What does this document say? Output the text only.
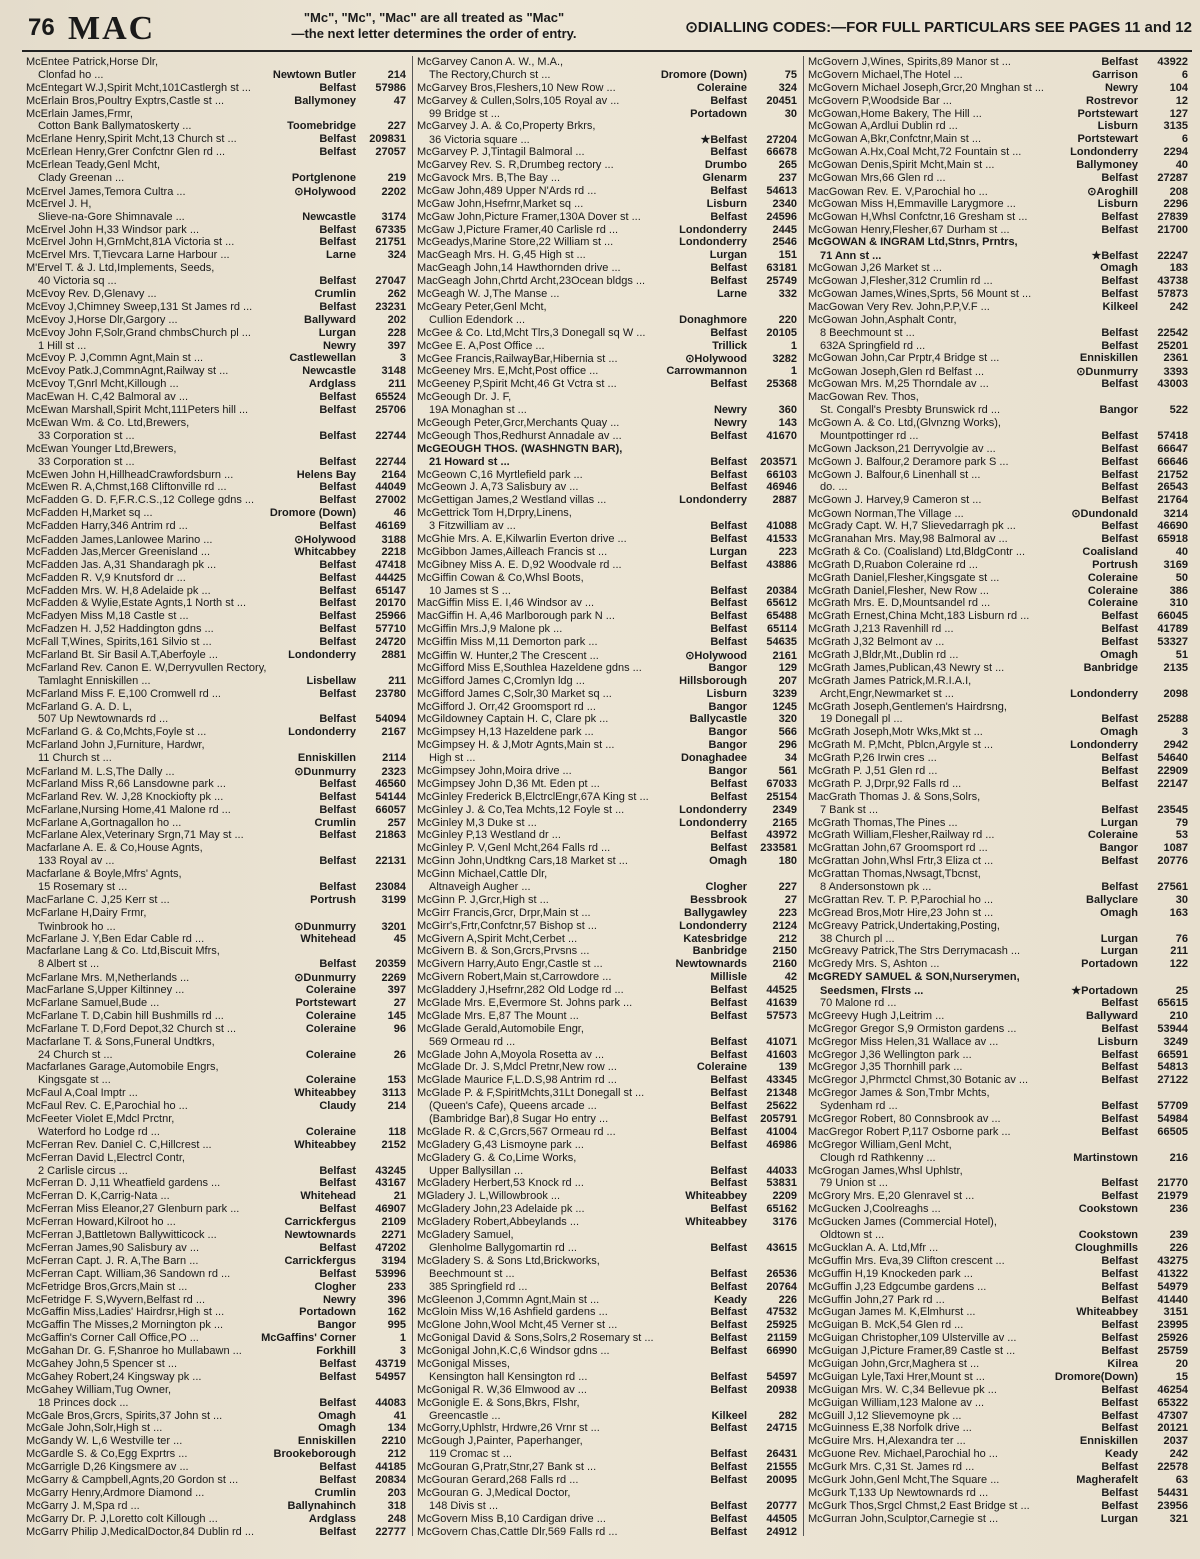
76 MAC	"Mc", "Mc", "Mac" are all treated as "Mac"
—the next letter determines the order of entry.	⊙DIALLING CODES:—FOR FULL PARTICULARS SEE PAGES 11 and 12
McEntee Patrick,Horse Dlr,
Clonfad ho ...	Newtown Butler	214
McEntegart W.J,Spirit Mcht,101Castlergh st ...	Belfast	57986
McErlain Bros,Poultry Exptrs,Castle st ...	Ballymoney	47
McErlain James,Frmr,
Cotton Bank Ballymatoskerty ...	Toomebridge	227
McErlane Henry,Spirit Mcht,13 Church st ...	Belfast	209831
McErlean Henry,Grer Confctnr Glen rd ...	Belfast	27057
McErlean Teady,Genl Mcht,
Clady Greenan ...	Portglenone	219
McErvel James,Temora Cultra ...	⊙Holywood	2202
McErvel J. H,
Slieve-na-Gore Shimnavale ...	Newcastle	3174
McErvel John H,33 Windsor park ...	Belfast	67335
McErvel John H,GrnMcht,81A Victoria st ...	Belfast	21751
McErvel Mrs. T,Tievcara Larne Harbour ...	Larne	324
M'Ervel T. & J. Ltd,Implements, Seeds,
40 Victoria sq ...	Belfast	27047
McEvoy Rev. D,Glenavy ...	Crumlin	262
McEvoy J,Chimney Sweep,131 St James rd ...	Belfast	23231
McEvoy J,Horse Dlr,Gargory ...	Ballyward	202
McEvoy John F,Solr,Grand chmbsChurch pl ...	Lurgan	228
1 Hill st ...	Newry	397
McEvoy P. J,Commn Agnt,Main st ...	Castlewellan	3
McEvoy Patk.J,CommnAgnt,Railway st ...	Newcastle	3148
McEvoy T,Gnrl Mcht,Killough ...	Ardglass	211
MacEwan H. C,42 Balmoral av ...	Belfast	65524
McEwan Marshall,Spirit Mcht,111Peters hill ...	Belfast	25706
McEwan Wm. & Co. Ltd,Brewers,
33 Corporation st ...	Belfast	22744
McEwan Younger Ltd,Brewers,
33 Corporation st ...	Belfast	22744
McEwen John H,HillheadCrawfordsburn ...	Helens Bay	2164
McEwen R. A,Chmst,168 Cliftonville rd ...	Belfast	44049
McFadden G. D. F,F.R.C.S.,12 College gdns ...	Belfast	27002
McFadden H,Market sq ...	Dromore (Down)	46
McFadden Harry,346 Antrim rd ...	Belfast	46169
McFadden James,Lanlowee Marino ...	⊙Holywood	3188
McFadden Jas,Mercer Greenisland ...	Whitcabbey	2218
McFadden Jas. A,31 Shandaragh pk ...	Belfast	47418
McFadden R. V,9 Knutsford dr ...	Belfast	44425
McFadden Mrs. W. H,8 Adelaide pk ...	Belfast	65147
McFadden & Wylie,Estate Agnts,1 North st ...	Belfast	20170
McFadyen Miss M,18 Castle st ...	Belfast	25966
McFadzen H. J,52 Haddington gdns ...	Belfast	57710
McFall T,Wines, Spirits,161 Silvio st ...	Belfast	24720
McFarland Bt. Sir Basil A.T,Aberfoyle ...	Londonderry	2881
McFarland Rev. Canon E. W,Derryvullen Rectory,
Tamlaght Enniskillen ...	Lisbellaw	211
McFarland Miss F. E,100 Cromwell rd ...	Belfast	23780
McFarland G. A. D. L,
507 Up Newtownards rd ...	Belfast	54094
McFarland G. & Co,Mchts,Foyle st ...	Londonderry	2167
McFarland John J,Furniture, Hardwr,
11 Church st ...	Enniskillen	2114
McFarland M. L.S,The Dally ...	⊙Dunmurry	2323
McFarland Miss R,66 Lansdowne park ...	Belfast	46560
McFarland Rev. W. J,28 Knockiofty pk ...	Belfast	54144
McFarlane,Nursing Home,41 Malone rd ...	Belfast	66057
McFarlane A,Gortnagallon ho ...	Crumlin	257
McFarlane Alex,Veterinary Srgn,71 May st ...	Belfast	21863
Macfarlane A. E. & Co,House Agnts,
133 Royal av ...	Belfast	22131
Macfarlane & Boyle,Mfrs' Agnts,
15 Rosemary st ...	Belfast	23084
MacFarlane C. J,25 Kerr st ...	Portrush	3199
McFarlane H,Dairy Frmr,
Twinbrook ho ...	⊙Dunmurry	3201
McFarlane J. Y,Ben Edar Cable rd ...	Whitehead	45
Macfarlane Lang & Co. Ltd,Biscuit Mfrs,
8 Albert st ...	Belfast	20359
McFarlane Mrs. M,Netherlands ...	⊙Dunmurry	2269
MacFarlane S,Upper Kiltinney ...	Coleraine	397
McFarlane Samuel,Bude ...	Portstewart	27
McFarlane T. D,Cabin hill Bushmills rd ...	Coleraine	145
McFarlane T. D,Ford Depot,32 Church st ...	Coleraine	96
Macfarlane T. & Sons,Funeral Undtkrs,
24 Church st ...	Coleraine	26
Macfarlanes Garage,Automobile Engrs,
Kingsgate st ...	Coleraine	153
McFaul A,Coal Imptr ...	Whiteabbey	3113
McFaul Rev. C. E,Parochial ho ...	Claudy	214
McFeeter Violet E,Mdcl Prctnr,
Waterford ho Lodge rd ...	Coleraine	118
McFerran Rev. Daniel C. C,Hillcrest ...	Whiteabbey	2152
McFerran David L,Electrcl Contr,
2 Carlisle circus ...	Belfast	43245
McFerran D. J,11 Wheatfield gardens ...	Belfast	43167
McFerran D. K,Carrig-Nata ...	Whitehead	21
McFerran Miss Eleanor,27 Glenburn park ...	Belfast	46907
McFerran Howard,Kilroot ho ...	Carrickfergus	2109
McFerran J,Battletown Ballywitticock ...	Newtownards	2271
McFerran James,90 Salisbury av ...	Belfast	47202
McFerran Capt. J. R. A,The Barn ...	Carrickfergus	3194
McFerran Capt. William,36 Sandown rd ...	Belfast	53996
McFetridge Bros,Grcrs,Main st ...	Clogher	233
McFetridge F. S,Wyvern,Belfast rd ...	Newry	396
McGaffin Miss,Ladies' Hairdrsr,High st ...	Portadown	162
McGaffin The Misses,2 Mornington pk ...	Bangor	995
McGaffin's Corner Call Office,PO ...	McGaffins' Corner	1
McGahan Dr. G. F,Shanroe ho Mullabawn ...	Forkhill	3
McGahey John,5 Spencer st ...	Belfast	43719
McGahey Robert,24 Kingsway pk ...	Belfast	54957
McGahey William,Tug Owner,
18 Princes dock ...	Belfast	44083
McGale Bros,Grcrs, Spirits,37 John st ...	Omagh	41
McGale John,Solr,High st ...	Omagh	134
McGandy W. L,6 Westville ter ...	Enniskillen	2210
McGardle S. & Co,Egg Exprtrs ...	Brookeborough	212
McGarrigle D,26 Kingsmere av ...	Belfast	44185
McGarry & Campbell,Agnts,20 Gordon st ...	Belfast	20834
McGarry Henry,Ardmore Diamond ...	Crumlin	203
McGarry J. M,Spa rd ...	Ballynahinch	318
McGarry Dr. P. J,Loretto colt Killough ...	Ardglass	248
McGarry Philip J,MedicalDoctor,84 Dublin rd ...	Belfast	22777
McGarvey Canon A. W., M.A.,
The Rectory,Church st ...	Dromore (Down)	75
McGarvey Bros,Fleshers,10 New Row ...	Coleraine	324
McGarvey & Cullen,Solrs,105 Royal av ...	Belfast	20451
99 Bridge st ...	Portadown	30
McGarvey J. A. & Co,Property Brkrs,
36 Victoria square ...	★Belfast	27204
McGarvey P. J,Tintagil Balmoral ...	Belfast	66678
McGarvey Rev. S. R,Drumbeg rectory ...	Drumbo	265
McGavock Mrs. B,The Bay ...	Glenarm	237
McGaw John,489 Upper N'Ards rd ...	Belfast	54613
McGaw John,Hsefrnr,Market sq ...	Lisburn	2340
McGaw John,Picture Framer,130A Dover st ...	Belfast	24596
McGaw J,Picture Framer,40 Carlisle rd ...	Londonderry	2445
McGeadys,Marine Store,22 William st ...	Londonderry	2546
MacGeagh Mrs. H. G,45 High st ...	Lurgan	151
MacGeagh John,14 Hawthornden drive ...	Belfast	63181
MacGeagh John,Chrtd Archt,23Ocean bldgs ...	Belfast	25749
McGeagh W. J,The Manse ...	Larne	332
McGeary Peter,Genl Mcht,
Cullion Edendork ...	Donaghmore	220
McGee & Co. Ltd,Mcht Tlrs,3 Donegall sq W ...	Belfast	20105
McGee E. A,Post Office ...	Trillick	1
McGee Francis,RailwayBar,Hibernia st ...	⊙Holywood	3282
McGeeney Mrs. E,Mcht,Post office ...	Carrowmannon	1
McGeeney P,Spirit Mcht,46 Gt Vctra st ...	Belfast	25368
McGeough Dr. J. F,
19A Monaghan st ...	Newry	360
McGeough Peter,Grcr,Merchants Quay ...	Newry	143
McGeough Thos,Redhurst Annadale av ...	Belfast	41670
McGEOUGH THOS. (WASHNGTN BAR),
21 Howard st ...	Belfast	203571
McGeown C,16 Myrtlefield park ...	Belfast	66103
McGeown J. A,73 Salisbury av ...	Belfast	46946
McGettigan James,2 Westland villas ...	Londonderry	2887
McGettrick Tom H,Drpry,Linens,
3 Fitzwilliam av ...	Belfast	41088
McGhie Mrs. A. E,Kilwarlin Everton drive ...	Belfast	41533
McGibbon James,Ailleach Francis st ...	Lurgan	223
McGibney Miss A. E. D,92 Woodvale rd ...	Belfast	43886
McGiffin Cowan & Co,Whsl Boots,
10 James st S ...	Belfast	20384
MacGiffin Miss E. I,46 Windsor av ...	Belfast	65612
MacGiffin H. A,46 Marlborough park N ...	Belfast	65488
McGiffin Mrs.J,9 Malone pk ...	Belfast	65114
McGiffin Miss M,11 Demorton park ...	Belfast	54635
McGiffin W. Hunter,2 The Crescent ...	⊙Holywood	2161
McGifford Miss E,Southlea Hazeldene gdns ...	Bangor	129
McGifford James C,Cromlyn ldg ...	Hillsborough	207
McGifford James C,Solr,30 Market sq ...	Lisburn	3239
McGifford J. Orr,42 Groomsport rd ...	Bangor	1245
McGildowney Captain H. C, Clare pk ...	Ballycastle	320
McGimpsey H,13 Hazeldene park ...	Bangor	566
McGimpsey H. & J,Motr Agnts,Main st ...	Bangor	296
High st ...	Donaghadee	34
McGimpsey John,Moira drive ...	Bangor	561
McGimpsey John D,36 Mt. Eden pt ...	Belfast	67033
McGinley Frederick B,ElctrclEngr,67A King st ...	Belfast	25154
McGinley J. & Co,Tea Mchts,12 Foyle st ...	Londonderry	2349
McGinley M,3 Duke st ...	Londonderry	2165
McGinley P,13 Westland dr ...	Belfast	43972
McGinley P. V,Genl Mcht,264 Falls rd ...	Belfast	233581
McGinn John,Undtkng Cars,18 Market st ...	Omagh	180
McGinn Michael,Cattle Dlr,
Altnaveigh Augher ...	Clogher	227
McGinn P. J,Grcr,High st ...	Bessbrook	27
McGirr Francis,Grcr, Drpr,Main st ...	Ballygawley	223
McGirr's,Frtr,Confctnr,57 Bishop st ...	Londonderry	2124
McGivern A,Spirit Mcht,Cerbet ...	Katesbridge	212
McGivern B. & Son,Grcrs,Prvsns ...	Banbridge	2150
McGivern Harry,Auto Engr,Castle st ...	Newtownards	2160
McGivern Robert,Main st,Carrowdore ...	Millisle	42
McGladdery J,Hsefrnr,282 Old Lodge rd ...	Belfast	44525
McGlade Mrs. E,Evermore St. Johns park ...	Belfast	41639
McGlade Mrs. E,87 The Mount ...	Belfast	57573
McGlade Gerald,Automobile Engr,
569 Ormeau rd ...	Belfast	41071
McGlade John A,Moyola Rosetta av ...	Belfast	41603
McGlade Dr. J. S,Mdcl Pretnr,New row ...	Coleraine	139
McGlade Maurice F,L.D.S,98 Antrim rd ...	Belfast	43345
McGlade P. & F,SpiritMchts,31Lt Donegall st ...	Belfast	21348
(Queen's Cafe), Queens arcade ...	Belfast	25622
(Bambridge Bar),8 Sugar Ho entry ...	Belfast	205791
McGlade R. & C,Grcrs,567 Ormeau rd ...	Belfast	41004
McGladery G,43 Lismoyne park ...	Belfast	46986
McGladery G. & Co,Lime Works,
Upper Ballysillan ...	Belfast	44033
McGladery Herbert,53 Knock rd ...	Belfast	53831
MGladery J. L,Willowbrook ...	Whiteabbey	2209
McGladery John,23 Adelaide pk ...	Belfast	65162
McGladery Robert,Abbeylands ...	Whiteabbey	3176
McGladery Samuel,
Glenholme Ballygomartin rd ...	Belfast	43615
McGladery S. & Sons Ltd,Brickworks,
Beechmount st ...	Belfast	26536
385 Springfield rd ...	Belfast	20764
McGleenon J,Commn Agnt,Main st ...	Keady	226
McGloin Miss W,16 Ashfield gardens ...	Belfast	47532
McGlone John,Wool Mcht,45 Verner st ...	Belfast	25925
McGonigal David & Sons,Solrs,2 Rosemary st ...	Belfast	21159
McGonigal John,K.C,6 Windsor gdns ...	Belfast	66990
McGonigal Misses,
Kensington hall Kensington rd ...	Belfast	54597
McGonigal R. W,36 Elmwood av ...	Belfast	20938
McGonigle E. & Sons,Bkrs, Flshr,
Greencastle ...	Kilkeel	282
McGorry,Uphlstr, Hrdwre,26 Vrnr st ...	Belfast	24715
McGough J,Painter, Paperhanger,
119 Cromac st ...	Belfast	26431
McGouran G,Pratr,Stnr,27 Bank st ...	Belfast	21555
McGouran Gerard,268 Falls rd ...	Belfast	20095
McGouran G. J,Medical Doctor,
148 Divis st ...	Belfast	20777
McGovern Miss B,10 Cardigan drive ...	Belfast	44505
McGovern Chas,Cattle Dlr,569 Falls rd ...	Belfast	24912
McGovern J,Wines, Spirits,89 Manor st ...	Belfast	43922
McGovern Michael,The Hotel ...	Garrison	6
McGovern Michael Joseph,Grcr,20 Mnghan st ...	Newry	104
McGovern P,Woodside Bar ...	Rostrevor	12
McGowan,Home Bakery, The Hill ...	Portstewart	127
McGowan A,Ardlui Dublin rd ...	Lisburn	3135
McGowan A,Bkr,Confctnr,Main st ...	Portstewart	6
McGowan A.Hx,Coal Mcht,72 Fountain st ...	Londonderry	2294
McGowan Denis,Spirit Mcht,Main st ...	Ballymoney	40
McGowan Mrs,66 Glen rd ...	Belfast	27287
MacGowan Rev. E. V,Parochial ho ...	⊙Aroghill	208
McGowan Miss H,Emmaville Larygmore ...	Lisburn	2296
McGowan H,Whsl Confctnr,16 Gresham st ...	Belfast	27839
McGowan Henry,Flesher,67 Durham st ...	Belfast	21700
McGOWAN & INGRAM Ltd,Stnrs, Prntrs,
71 Ann st ...	★Belfast	22247
McGowan J,26 Market st ...	Omagh	183
McGowan J,Flesher,312 Crumlin rd ...	Belfast	43738
McGowan James,Wines,Sprts, 56 Mount st ...	Belfast	57873
MacGowan Very Rev. John,P.P,V.F ...	Kilkeel	242
McGowan John,Asphalt Contr,
8 Beechmount st ...	Belfast	22542
632A Springfield rd ...	Belfast	25201
McGowan John,Car Prptr,4 Bridge st ...	Enniskillen	2361
McGowan Joseph,Glen rd Belfast ...	⊙Dunmurry	3393
McGowan Mrs. M,25 Thorndale av ...	Belfast	43003
MacGowan Rev. Thos,
St. Congall's Presbty Brunswick rd ...	Bangor	522
McGown A. & Co. Ltd,(Glvnzng Works),
Mountpottinger rd ...	Belfast	57418
McGown Jackson,21 Derryvolgie av ...	Belfast	66647
McGown J. Balfour,2 Deramore park S ...	Belfast	66646
McGown J. Balfour,6 Linenhall st ...	Belfast	21752
do. ...	Belfast	26543
McGown J. Harvey,9 Cameron st ...	Belfast	21764
McGown Norman,The Village ...	⊙Dundonald	3214
McGrady Capt. W. H,7 Slievedarragh pk ...	Belfast	46690
McGranahan Mrs. May,98 Balmoral av ...	Belfast	65918
McGrath & Co. (Coalisland) Ltd,BldgContr ...	Coalisland	40
McGrath D,Ruabon Coleraine rd ...	Portrush	3169
McGrath Daniel,Flesher,Kingsgate st ...	Coleraine	50
McGrath Daniel,Flesher, New Row ...	Coleraine	386
McGrath Mrs. E. D,Mountsandel rd ...	Coleraine	310
McGrath Ernest,China Mcht,183 Lisburn rd ...	Belfast	66045
McGrath J,213 Ravenhill rd ...	Belfast	41789
McGrath J,32 Belmont av ...	Belfast	53327
McGrath J,Bldr,Mt.,Dublin rd ...	Omagh	51
McGrath James,Publican,43 Newry st ...	Banbridge	2135
McGrath James Patrick,M.R.I.A.I,
Archt,Engr,Newmarket st ...	Londonderry	2098
McGrath Joseph,Gentlemen's Hairdrsng,
19 Donegall pl ...	Belfast	25288
McGrath Joseph,Motr Wks,Mkt st ...	Omagh	3
McGrath M. P,Mcht, Pblcn,Argyle st ...	Londonderry	2942
McGrath P,26 Irwin cres ...	Belfast	54640
McGrath P. J,51 Glen rd ...	Belfast	22909
McGrath P. J,Drpr,92 Falls rd ...	Belfast	22147
MacGrath Thomas J. & Sons,Solrs,
7 Bank st ...	Belfast	23545
McGrath Thomas,The Pines ...	Lurgan	79
McGrath William,Flesher,Railway rd ...	Coleraine	53
McGrattan John,67 Groomsport rd ...	Bangor	1087
McGrattan John,Whsl Frtr,3 Eliza ct ...	Belfast	20776
McGrattan Thomas,Nwsagt,Tbcnst,
8 Andersonstown pk ...	Belfast	27561
McGrattan Rev. T. P. P,Parochial ho ...	Ballyclare	30
McGread Bros,Motr Hire,23 John st ...	Omagh	163
McGreavy Patrick,Undertaking,Posting,
38 Church pl ...	Lurgan	76
McGreavy Patrick,The Strs Derrymacash ...	Lurgan	211
McGredy Mrs. S, Ashton ...	Portadown	122
McGREDY SAMUEL & SON,Nurserymen,
Seedsmen, Flrsts ...	★Portadown	25
70 Malone rd ...	Belfast	65615
McGreevy Hugh J,Leitrim ...	Ballyward	210
McGregor Gregor S,9 Ormiston gardens ...	Belfast	53944
McGregor Miss Helen,31 Wallace av ...	Lisburn	3249
McGregor J,36 Wellington park ...	Belfast	66591
McGregor J,35 Thornhill park ...	Belfast	54813
McGregor J,Phrmctcl Chmst,30 Botanic av ...	Belfast	27122
McGregor James & Son,Tmbr Mchts,
Sydenham rd ...	Belfast	57709
McGregor Robert, 80 Connsbrook av ...	Belfast	54984
MacGregor Robert P,117 Osborne park ...	Belfast	66505
McGregor William,Genl Mcht,
Clough rd Rathkenny ...	Martinstown	216
McGrogan James,Whsl Uphlstr,
79 Union st ...	Belfast	21770
McGrory Mrs. E,20 Glenravel st ...	Belfast	21979
McGucken J,Coolreaghs ...	Cookstown	236
McGucken James (Commercial Hotel),
Oldtown st ...	Cookstown	239
McGucklan A. A. Ltd,Mfr ...	Cloughmills	226
McGuffin Mrs. Eva,39 Clifton crescent ...	Belfast	43275
McGuffin H,19 Knockeden park ...	Belfast	41322
McGuffin J,23 Edgcumbe gardens ...	Belfast	54979
McGuffin John,27 Park rd ...	Belfast	41440
McGugan James M. K,Elmhurst ...	Whiteabbey	3151
McGuigan B. McK,54 Glen rd ...	Belfast	23995
McGuigan Christopher,109 Ulsterville av ...	Belfast	25926
McGuigan J,Picture Framer,89 Castle st ...	Belfast	25759
McGuigan John,Grcr,Maghera st ...	Kilrea	20
McGuigan Lyle,Taxi Hrer,Mount st ...	Dromore(Down)	15
McGuigan Mrs. W. C,34 Bellevue pk ...	Belfast	46254
McGuigan William,123 Malone av ...	Belfast	65322
McGuill J,12 Slievemoyne pk ...	Belfast	47307
McGuinness E,38 Norfolk drive ...	Belfast	20121
McGuire Mrs. H,Alexandra ter ...	Enniskillen	2037
McGuone Rev. Michael,Parochial ho ...	Keady	242
McGurk Mrs. C,31 St. James rd ...	Belfast	22578
McGurk John,Genl Mcht,The Square ...	Magherafelt	63
McGurk T,133 Up Newtownards rd ...	Belfast	54431
McGurk Thos,Srgcl Chmst,2 East Bridge st ...	Belfast	23956
McGurran John,Sculptor,Carnegie st ...	Lurgan	321
